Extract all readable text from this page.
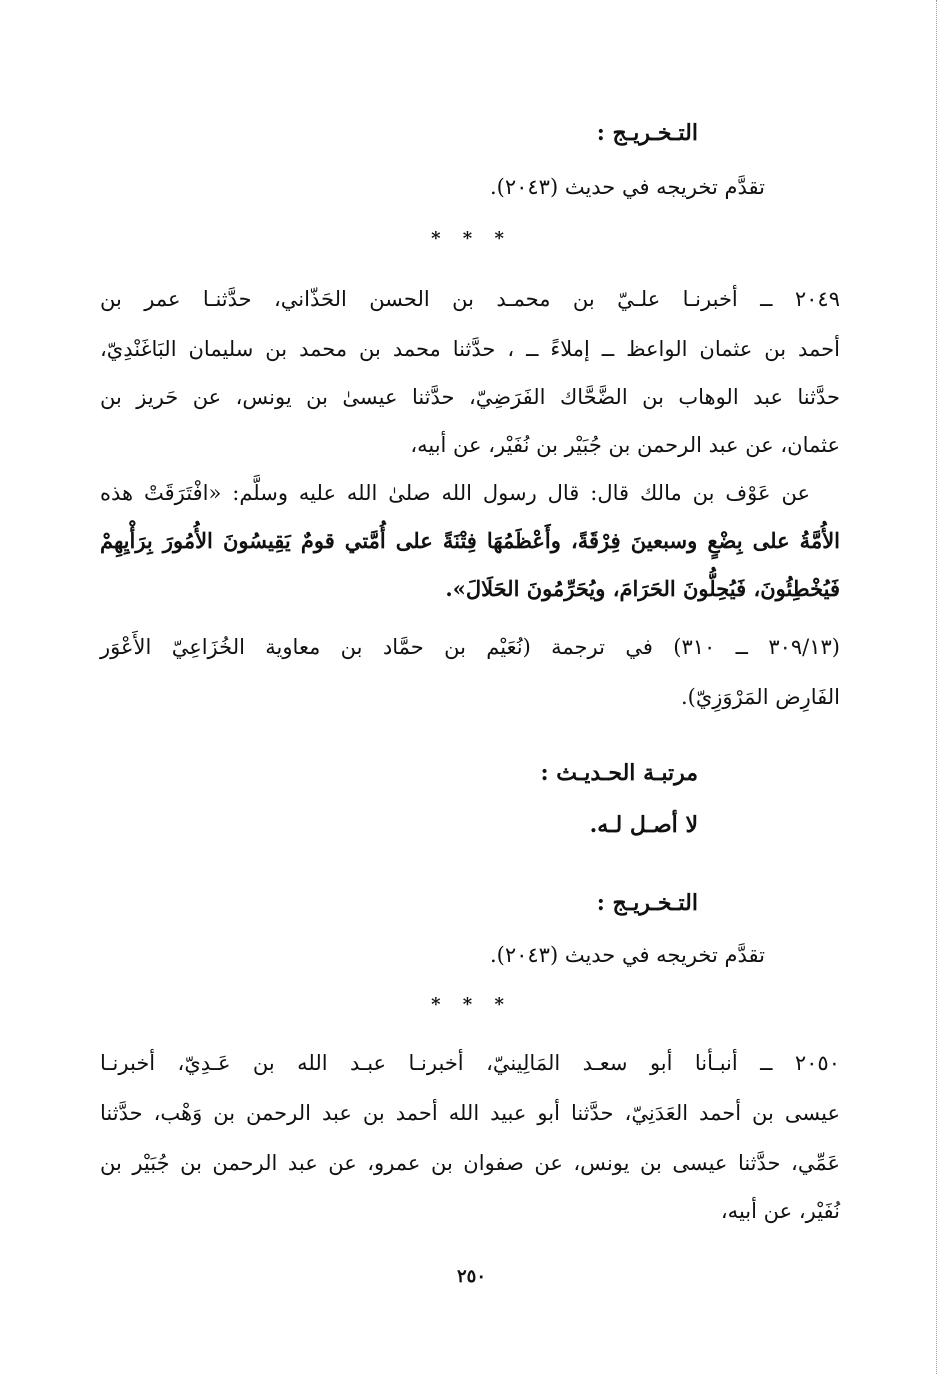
التـخـريـج :
تقدَّم تخريجه في حديث (٢٠٤٣).
* * *
٢٠٤٩ ــ أخبرنـا علـيّ بن محمـد بن الحسن الحَذّاني، حدَّثنـا عمر بن
أحمد بن عثمان الواعظ ــ إملاءً ــ ، حدَّثنا محمد بن محمد بن سليمان البَاغَنْدِيّ،
حدَّثنا عبد الوهاب بن الضَّحَّاك الفَرَضِيّ، حدَّثنا عيسىٰ بن يونس، عن حَريز بن
عثمان، عن عبد الرحمن بن جُبَيْر بن نُفَيْر، عن أبيه،
عن عَوْف بن مالك قال: قال رسول الله صلىٰ الله عليه وسلَّم: «افْتَرَقَتْ هذه
الأُمَّةُ على بِضْعٍ وسبعينَ فِرْقَةً، وأَعْظَمُهَا فِتْنَةً على أُمَّتي قومٌ يَقِيسُونَ الأُمُورَ بِرَأْيِهِمْ
فَيُخْطِئُونَ، فَيُحِلُّونَ الحَرَامَ، ويُحَرِّمُونَ الحَلَالَ».
(٣٠٩/١٣ ــ ٣١٠) في ترجمة (نُعَيْم بن حمَّاد بن معاوية الخُزَاعِيّ الأَعْوَر
الفَارِض المَرْوَزِيّ).
مرتبـة الحـديـث :
لا أصـل لـه.
التـخـريـج :
تقدَّم تخريجه في حديث (٢٠٤٣).
* * *
٢٠٥٠ ــ أنبـأنا أبو سعـد المَالِينيّ، أخبرنـا عبـد الله بن عَـدِيّ، أخبرنـا
عيسى بن أحمد العَدَنِيّ، حدَّثنا أبو عبيد الله أحمد بن عبد الرحمن بن وَهْب، حدَّثنا
عَمِّي، حدَّثنا عيسى بن يونس، عن صفوان بن عمرو، عن عبد الرحمن بن جُبَيْر بن
نُفَيْر، عن أبيه،
٢٥٠
